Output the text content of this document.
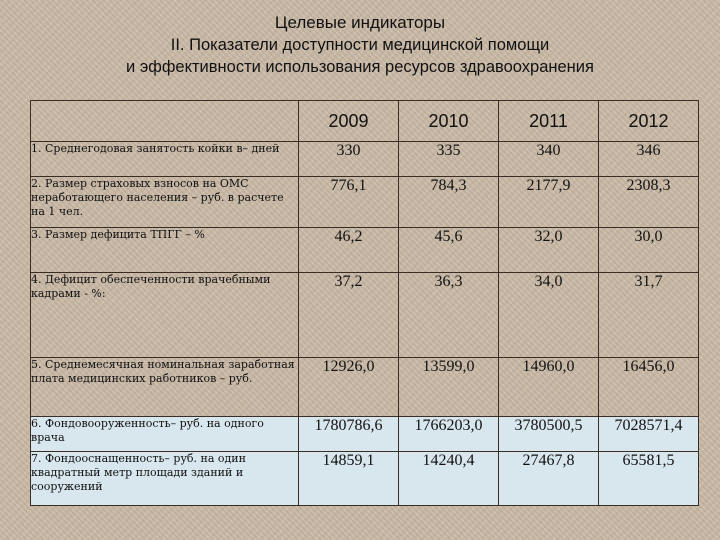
Целевые индикаторы
II. Показатели доступности медицинской помощи
и эффективности использования ресурсов здравоохранения
	2009	2010	2011	2012
1. Среднегодовая занятость койки в– дней	330	335	340	346
2. Размер страховых взносов на ОМС неработающего населения – руб. в расчете на 1 чел.	776,1	784,3	2177,9	2308,3
3. Размер дефицита ТПГГ – %	46,2	45,6	32,0	30,0
4. Дефицит обеспеченности врачебными кадрами - %:	37,2	36,3	34,0	31,7
5. Среднемесячная номинальная заработная плата медицинских работников – руб.	12926,0	13599,0	14960,0	16456,0
6. Фондовооруженность– руб. на одного врача	1780786,6	1766203,0	3780500,5	7028571,4
7. Фондооснащенность– руб. на один квадратный метр площади зданий и сооружений	14859,1	14240,4	27467,8	65581,5
